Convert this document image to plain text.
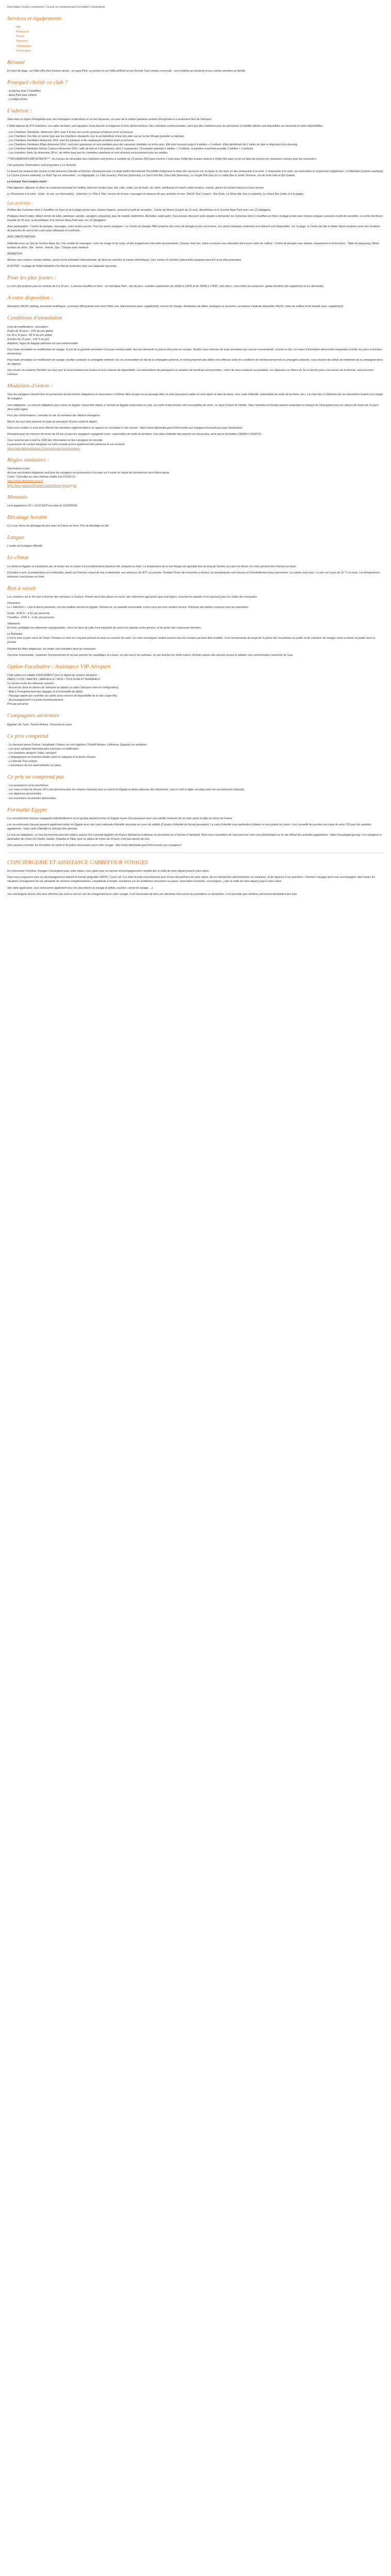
Description Croyzic compromé / Ce prix ne comprend pas Formalités Conciergerie
Services et équipements
· Wifi
· Restaurant
· Piscine
· Télévision
· Climatisation
· Conciergerie
Résumé

En bord de plage, cet hôtel offre bien d'autres atouts : un aqua Park, un portant et son hôtel artificiel et une formule Tout compris conviviale : une invitation au farniente et aux soirées animées en famille.

Pourquoi choisir ce club ?

- le plumes dont 2 chauffées

- Aqua Park pour enfants

- Le plage privée

L'adresse :

Situé dans la région d'Hurghada avec ses montagnes multicolores et sa mer turquoise, au cœur de la station balnéaire animée d'Hurghada et à seulement 5km de l'aéroport.

L'hôtel dispose de 473 chambres. Les salles de bains sont équipées d'une douche ou baignoire et d'un sèche-cheveux. Des chambres communicantes, ainsi que des chambres pour les personnes à mobilité réduite sont disponibles sur demande et selon disponibilités.

- Les Chambres Standards, dimension 32m² avec 4 lit bay vers ou les jumeaux et balcon privé ou terrasse.
- Les Chambres Vue Mer en même type que les chambres standards, leur le est bénéficier d'une très jolie vue sur la mer Rouge (partielle ou latérale).
- Les Chambres Familiales dimension 32m² avec lits jumeaux et lits superposés et balcon privé ou terrasse.
- Les Chambres Familiales Méga dimension 52m², sont plus spacieuses et sont parfaites pour des vacances familiales ou entre amis. Elle peut recevoir jusqu'à 4 adultes + 2 enfants. Elles bénéficient de 2 salles de bain et disposent d'un dressing.
- Les Chambres familiales Deluxe 2 pièces dimension 50m², salle de bain et 4 lits jumeaux, dont 2 superposés. Occupation optimale 2 adultes + 2 enfants, occupation maximale possible 3 adultes + 2 enfants).
- Les chambres Swim Up dimension 34 m², de même type que les chambres standards et sont réservés exclusivement pour les adultes.

***INFORMATION IMPORTANTE*** : Au travaux de rénovation des chambres sont prévus à compter du 15 janvier 2023 pour environ 2 mois dans l'hôtel des travaux réservé à l'hôtel (les eaux ou les en ligne de réserve les nuisances sonores pour les vacanciers.

Une quinzaine d'animations sont proposées à La Veranda.

Le beach bar propose des snacks et des boissons chaudes et fraîches. Restaurant avec un large buffet international. Possibilité d'organiser le dîner des vacances sur un repas le soir dans un des restaurants à la carte. 2 restaurants à la carte, sur réservation et moyennant supplément : Le Mandarin (cuisine asiatique), La Cucina (cuisine italienne), Le Roof Top sur réservation : Le Pappagallo, Le Café (snacks), Pool bar (boissons), Le Sun'n Fun Bar, Disco Bar (boissons), Le Jungle Pub (bar) et Le Lobby Bar et Jardin Terrasse. Jus de fruits frais et Bar Galerie.

La formule Tout compris inclut :

Petit déjeuner, déjeuner et dîner au restaurant principal (en buffet), boissons locales (eau, thé, café, sodas, jus de fruits, vin, bière, spiritueux) et snacks selon horaires, snacks, glaces (à certains heures) et plus encore.

Le Restaurant à la carte : (suite : le soir, sur réservation) - Sélection, Le Tête à Tête, service de lessive, massages et séances de spa, activités en mer. 24h/24 Tout Compris : Bar Kuba, Le Dôme Bar (bar à cocktails), Le Snack Bar (cafés et à la plage).

Les activités :

Profitez des 6 piscines dont 2 chauffées en hiver et de la plage privée avec chaises longues, parasols et prêt de serviettes ; Centre de fitness (à partir de 16 ans), discothèque et le Sunrise Aqua Park avec ses 12 toboggans.

Pratiquez beach-volley, billard, tennis de table, pétanque, aérobic, aquagym, ping-pong, jeux de société, badminton, fléchettes, water-polo. Vous pouvez découvrir votre équipe à demander, les 6 piscines dont 2 chauffées en hiver, la plage privée avec chaises longues, parasols et prêt de serviettes, le centre de fitness (à partir de 16 ans), la discothèque et le Sunrise Aqua Park avec ses 12 toboggans.

Avec participation : Centre de plongée, massages, soins et plus encore. Pour les sports nautiques : Le Centre de plongée PADI propose des cours de plongée et des excursions. Les sports nautiques motorisés et le kitesurf sont disponibles. Sur la plage, le Centre de Kite et Water Sports propose aussi des locations de planches de surf et des cours pour débutants et confirmés.

AVEC PARTICIPATION :

Détendez-vous au Spa de Sunrise Aqua Joy. Une variété de massages, soins de visage et du corps, et des programmes bien-être personnalisés. Saunas, bain turc, bains à remous vous attendent ainsi qu'un salon de coiffure ; Centre de plongée avec bateau, équipement et instructeurs ; Table de ping-pong, billard, location de vélos ; Bar ; tennis ; laverie. Spa ; Clinique avec médecin.

ANIMATION :

Animez vous soirées comme enfants, autour d'une animation internationale, de diverses activités et soirées thématiques. Des soirées et activités optionnelles payantes peuvent aussi être proposées.

A NOTER : La plage de l'hôtel bénéficie d'un filet de protection pour une baignade sécurisée.

Pour les plus jeunes :

Le mini club propose pour les enfants de 4 à 12 ans : 1 piscine chauffée en hiver : un mini Aqua Park ; aire de jeux : activités supervisées de 10h00 à 12h30 et de 15h00 à 17h00 ; mini disco ; coin enfant au restaurant ; garde d'enfants (en supplément et sur demande).

A votre disposition :

Réception 24h/24, parking, personnel multilingue, connexion Wifi gratuite dans tout l'hôtel, taxi, blanchisserie (avec supplément), service de change, distributeur de billets, boutiques et souvenirs, assistance médicale disponible 24h/24, salon de coiffure et de beauté (avec supplément).

Conditions d'annulation

Frais de modifications / annulation :

A plus de 30 jours : 10% du prix global

De 30 à 15 jours : 85 % du prix global

A moins de 15 jours : 100 % du prix

Adoption, l'ajout de bagage optionnel est non remboursable.

Pour toute annulation ou modification de voyage, le prix de la garantie annulation n'est pas remboursable. Aucune demande ne pourra être prise en compte. Veuillez nous informer de toute annulation par courrier recommandé, courriel ou fax. Les dates d'annulation doivent être respectées (vérifier les jours et horaires d'ouverture).

Pour toute annulation ou modification de voyage, veuillez contacter la compagnie aérienne. En cas d'annulation du fait de la compagnie aérienne, le remboursement des billets sera effectué selon les conditions de remboursement de la compagnie aérienne, sous réserve des délais de traitement de la compagnie et/ou de l'agence.

Vos circuits et croisières (fondées ou non) pour le recouvrement une avance et sous réserve de disponibilité. Les réservations de participants en situation de handicap sont possibles ; merci de nous contacter au préalable. Les déjeuners ou dîners du 1er et dernier jours sont exclus de la formule, sauf précision contraire.

Modalités d'entrée :

Tous les voyageurs doivent être en possession de documents obligatoires et nécessaires à l'entrée dans le pays ou au passage dans la zone (passeport valide six mois après la date de retour, visa, carte d'identité, autorisation de sortie du territoire, etc.). Les frais liés à l'obtention de ces documents restent à la charge du voyageur.

Visa obligatoire : Le visa est obligatoire pour entrer en Egypte. Il peut être obtenu à l'arrivée en Egypte moyennant un coût. Les tarifs et documents sont susceptibles de varier. Le Sinaï (Charm El Cheikh, Taba, Nuweiba et Dahab) requiert seulement un tampon du Sinaï gratuit pour les séjours de moins de 15 jours dans cette région.

Pour plus d'informations, consultez le site du ministère des affaires étrangères.

Mercis de nous faire parvenir la copie du passeport 30 jours avant le départ.

Nous vous invitons à vous tenir informé des dernières réglementations en vigueur en consultant le site suivant : https://www.diplomatie.gouv.fr/fr/conseils-aux-voyageurs/conseils-par-pays-destination/

Passeport pour les mineurs de moins de 18 ans et pour les voyageurs voyageant seuls : autorisation de sortie du territoire. Une pièce d'identité des parents est nécessaire, ainsi que le formulaire CERFA n°15646*01.

Vous recevrez par e-mail ou SMS des informations et des consignes de sécurité.

La personne de contact désignée sur votre compte pourra également être prévenue le cas échéant.

https://www.diplomatie.gouv.fr/fr/services-aux-francais/ariane/

Règles sanitaires :

Vaccinations à jour.

Aucune vaccination obligatoire sauf pour les voyageurs en provenance d'un pays où il existe un risque de transmission de la fièvre jaune.

Covid : Consultez les sites internet relatifs à la COVID-19 :

https://www.diplomatie.gouv.fr/

https://www.pasteur.fr/fr/centre-medical/fiches-pays/egypte

Monnaie

Livre égyptienne (1€ = 33,65 EGP à la date du 16/02/2024)

Décalage horaire

Il y a une heure de décalage de plus avec la France en hiver. Pas de décalage en été.

Langue

L'arabe est la langue officielle.

Le climat

Le climat en Egypte se caractérise par un temps sec et chaud. Il est extrêmement chaud en été, tempéré en hiver. La température de la mer Rouge est agréable tout au long de l'année, au cœur du désert, les nuits peuvent être fraîches en hiver.

D'octobre à avril, la température est confortable, tandis qu'il fait plus chaud de mai à septembre, aux alentours de 40°C en journée. Pendant l'hiver (de novembre à février), les températures sont douces et l'ensoleillement quasi permanent. Les pluies sont rares. La mer est à plus de 20 °C en hiver. Les températures nocturnes sont basses en hiver.

Bon à savoir

Les croisières sur le Nil sont à réserver des semaines à l'avance. Prévoir aussi des pièces en euros, des vêtements appropriés (pas trop légers, couvrant les épaules et les genoux) pour les visites des mosquées.

Pourboires

Le « bakchich », c'est-à-dire le pourboire, est une tradition ancrée en Egypte. Donnez-en, en quantité raisonnable, à tous ceux qui vous rendent service. Prévoyez des petites coupures pour les pourboires.

Guide : EUR 4 – à 5/j. par personne

Chauffeur : EUR 3 – à 5/j. par personne

Vêtements

En hiver, privilégiez les vêtements superposables. Dans les lieux de culte il est important de couvrir les épaules et les genoux, et de porter des chaussures fermées.

Le Ramadan

C'est le mois le plus sacré de l'islam. Pendant ce mois les croyants jeûnent du lever au coucher du soleil. Les sites touristiques restent ouverts mais les horaires peuvent être modifiés. Il est recommandé de respecter le jeûne des musulmans en public et de s'abstenir de manger, boire ou fumer en public dans la journée.

Pendant les fêtes religieuses, les visites sont interdites dans les mosquées.

Tourisme responsable : respecter l'environnement et ne pas prendre de coquillages ou coraux, ne pas nourrir les animaux, ne pas toucher les fonds marins. Acheter auprès des artisans locaux et adopter une consommation raisonnée de l'eau.

Option Facultative : Assistance VIP Aéroport

Cette option est valable UNIQUEMENT pour le départ de certains aéroports :

PARIS / LYON / NANTES / MARSEILLE / NICE / TOULOUSE ET BORDEAUX

Ce service inclus les éléments suivants :

- Accueil du client en dehors de l'aéroport au départ (ou dans l'aéroport selon la configuration),
- Aide à l'enregistrement des bagages et à la formalité de dépôt,
- Passage rapide aux contrôles de sûreté (sous réserve de disponibilité de la voie coupe-file),
- Accompagnement à la porte d'embarquement.

Prix par personne

Compagnies aériennes

Egyptair, Air Cairo, Turkish Airlines, Transavia ou autre.

Ce prix comprend

- Le transport aérien France / Hurghada / France sur vols réguliers (Turkish Airlines, Lufthansa, Egyptair) ou similaires.

- Les taxes aéroport internationales soumises à modification.

- Les transferts aéroport / hôtel / aéroport.

- L'hébergement en chambre double selon la catégorie et la durée choisies.

- La formule Tout compris.

- L'assistance de nos représentants sur place.

Ce prix ne comprend pas

- Les assurances et les pourboires.

- Les visas et frais de dossier (25 € par personne pour les citoyens français) pour un transit en Egypte et devez disposer des documents, ceux-ci sont à régler sur place pour les ressortissants français).

- Les dépenses personnelles.

- Les excursions ou activités optionnelles.

Formalité Egypte

Les ressortissants français voyageant individuellement ou en groupe peuvent entrer en Egypte munis d'un passeport avec une validité minimum de six mois après la date de retour en France.

Les ressortissants français peuvent également entrer en Egypte avec une carte nationale d'identité sécurisée en cours de validité (2 photos d'identité de format passeport). La carte d'identité vous permettra d'obtenir un visa gratuit sur place. Il est conseillé de prendre une copie de votre CNI pour les autorités égyptiennes. Votre carte d'identité ne doit pas être périmée.

Le visa est obligatoire. Le visa de tourisme peut être obtenu auprès d'un consulat égyptien en France (démarche à déposer en personne) ou à l'arrivée à l'aéroport. Nous vous conseillons de vous procurer votre visa électronique sur le site officiel des autorités égyptiennes : https://visa2egypt.gov.eg/. Les voyageurs à destination de Charm El Cheikh, Dahab, Nuweiba et Taba, pour un séjour de moins de 15 jours n'ont pas besoin de visa.

Vous pouvez consulter les formalités de santé et de police nécessaires pour votre voyage : http://www.diplomatie.gouv.fr/fr/conseils-aux-voyageurs/

CONCIERGERIE ET ASSISTANCE CARREFOUR VOYAGES

En choisissant Carrefour Voyages Conciergerie pour votre séjour, vous optez pour un service d'accompagnement complet dès la veille de votre départ jusqu'à votre retour.

Nous vous proposons ainsi un accompagnement attentif et humain (joignable 24h/24, 7 jours sur 7) à votre écoute exclusivement pour le bon déroulement de votre séjour, de vos démarches administratives ou sanitaires, et de réponse à vos questions. Carrefour Voyages peut vous accompagner dans toutes les situations (changement de vol, demande de services complémentaires, complétude à remplir, assistance sur les problèmes rencontrés sur place, réservation d'activités, conciergerie...) dès la veille de votre départ jusqu'à votre retour.

Voir votre application, vous retrouverez également tous vos documents de voyage (e-billets, voucher, carnet de voyage, ...).

Vos conciergerie devrez être tenu informée par mail ou sms en cas de changement pour votre voyage. Il est nécessaire de faire une demande d'accord et les prestations ou demandes, il est possible que certaines personnes demandent des frais.
